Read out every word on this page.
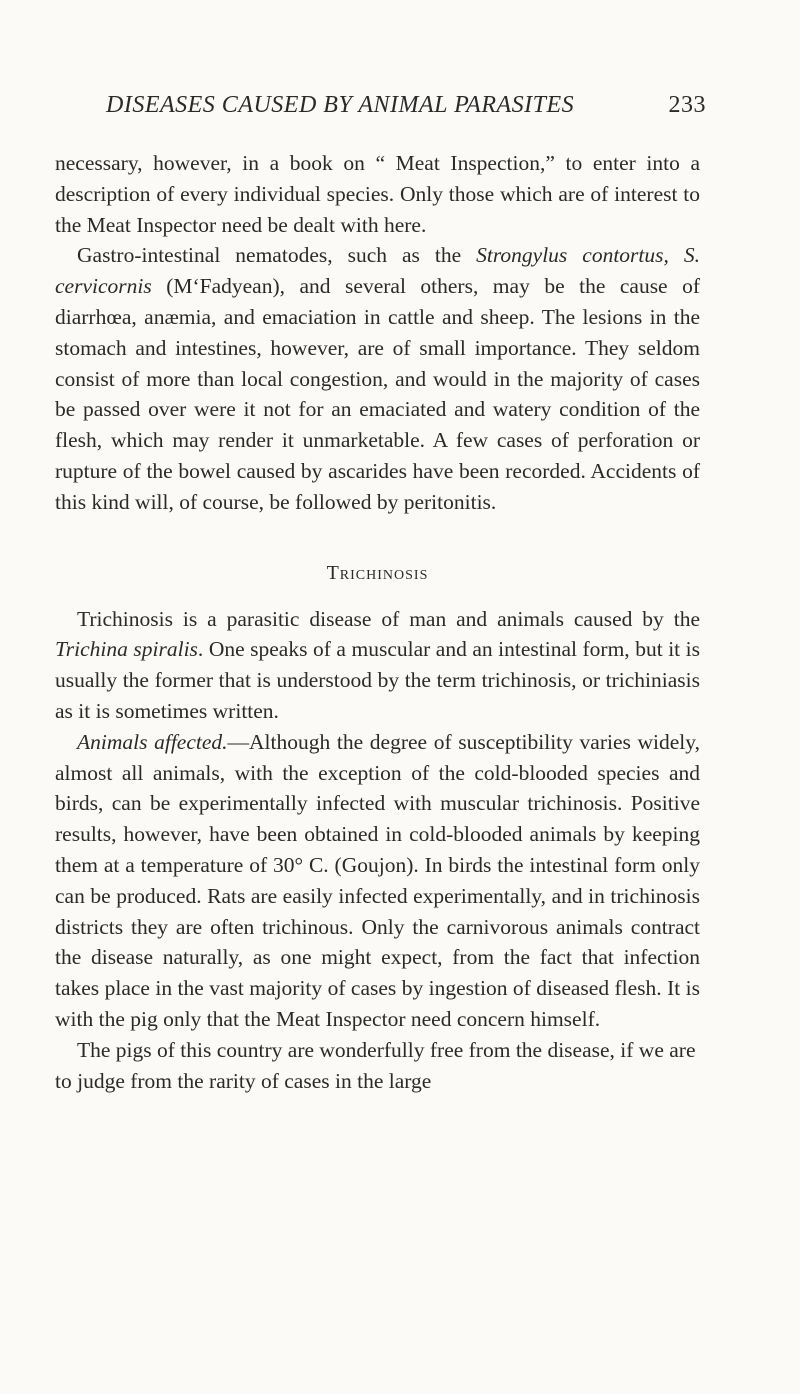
DISEASES CAUSED BY ANIMAL PARASITES	233

necessary, however, in a book on “ Meat Inspection,” to enter into a description of every individual species. Only those which are of interest to the Meat Inspector need be dealt with here.

Gastro-intestinal nematodes, such as the Strongylus contortus, S. cervicornis (M‘Fadyean), and several others, may be the cause of diarrhœa, anæmia, and emaciation in cattle and sheep. The lesions in the stomach and intestines, however, are of small importance. They seldom consist of more than local congestion, and would in the majority of cases be passed over were it not for an emaciated and watery condition of the flesh, which may render it unmarketable. A few cases of perforation or rupture of the bowel caused by ascarides have been recorded. Accidents of this kind will, of course, be followed by peritonitis.

Trichinosis

Trichinosis is a parasitic disease of man and animals caused by the Trichina spiralis. One speaks of a muscular and an intestinal form, but it is usually the former that is understood by the term trichinosis, or trichiniasis as it is sometimes written.

Animals affected.—Although the degree of susceptibility varies widely, almost all animals, with the exception of the cold-blooded species and birds, can be experimentally infected with muscular trichinosis. Positive results, however, have been obtained in cold-blooded animals by keeping them at a temperature of 30° C. (Goujon). In birds the intestinal form only can be produced. Rats are easily infected experimentally, and in trichinosis districts they are often trichinous. Only the carnivorous animals contract the disease naturally, as one might expect, from the fact that infection takes place in the vast majority of cases by ingestion of diseased flesh. It is with the pig only that the Meat Inspector need concern himself.

The pigs of this country are wonderfully free from the disease, if we are to judge from the rarity of cases in the large
